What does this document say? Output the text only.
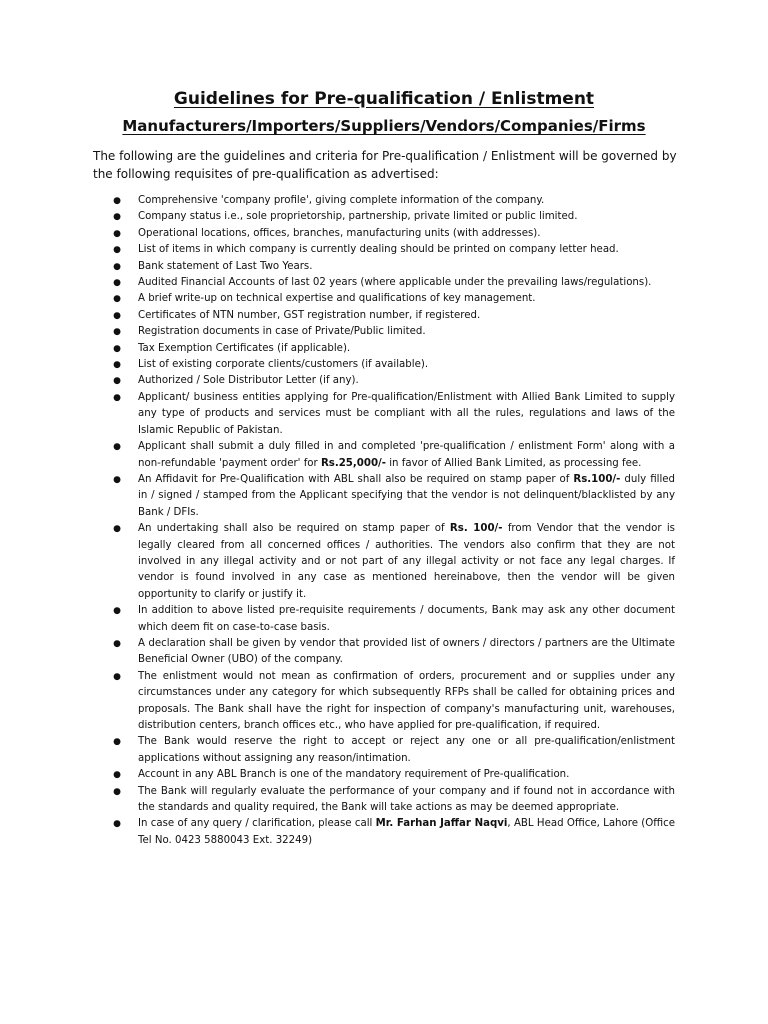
Guidelines for Pre-qualification / Enlistment
Manufacturers/Importers/Suppliers/Vendors/Companies/Firms
The following are the guidelines and criteria for Pre-qualification / Enlistment will be governed by the following requisites of pre-qualification as advertised:
● Comprehensive 'company profile', giving complete information of the company.
● Company status i.e., sole proprietorship, partnership, private limited or public limited.
● Operational locations, offices, branches, manufacturing units (with addresses).
● List of items in which company is currently dealing should be printed on company letter head.
● Bank statement of Last Two Years.
● Audited Financial Accounts of last 02 years (where applicable under the prevailing laws/regulations).
● A brief write-up on technical expertise and qualifications of key management.
● Certificates of NTN number, GST registration number, if registered.
● Registration documents in case of Private/Public limited.
● Tax Exemption Certificates (if applicable).
● List of existing corporate clients/customers (if available).
● Authorized / Sole Distributor Letter (if any).
● Applicant/ business entities applying for Pre-qualification/Enlistment with Allied Bank Limited to supply any type of products and services must be compliant with all the rules, regulations and laws of the Islamic Republic of Pakistan.
● Applicant shall submit a duly filled in and completed 'pre-qualification / enlistment Form' along with a non-refundable 'payment order' for Rs.25,000/- in favor of Allied Bank Limited, as processing fee.
● An Affidavit for Pre-Qualification with ABL shall also be required on stamp paper of Rs.100/- duly filled in / signed / stamped from the Applicant specifying that the vendor is not delinquent/blacklisted by any Bank / DFIs.
● An undertaking shall also be required on stamp paper of Rs. 100/- from Vendor that the vendor is legally cleared from all concerned offices / authorities. The vendors also confirm that they are not involved in any illegal activity and or not part of any illegal activity or not face any legal charges. If vendor is found involved in any case as mentioned hereinabove, then the vendor will be given opportunity to clarify or justify it.
● In addition to above listed pre-requisite requirements / documents, Bank may ask any other document which deem fit on case-to-case basis.
● A declaration shall be given by vendor that provided list of owners / directors / partners are the Ultimate Beneficial Owner (UBO) of the company.
● The enlistment would not mean as confirmation of orders, procurement and or supplies under any circumstances under any category for which subsequently RFPs shall be called for obtaining prices and proposals. The Bank shall have the right for inspection of company's manufacturing unit, warehouses, distribution centers, branch offices etc., who have applied for pre-qualification, if required.
● The Bank would reserve the right to accept or reject any one or all pre-qualification/enlistment applications without assigning any reason/intimation.
● Account in any ABL Branch is one of the mandatory requirement of Pre-qualification.
● The Bank will regularly evaluate the performance of your company and if found not in accordance with the standards and quality required, the Bank will take actions as may be deemed appropriate.
● In case of any query / clarification, please call Mr. Farhan Jaffar Naqvi, ABL Head Office, Lahore (Office Tel No. 0423 5880043 Ext. 32249)
